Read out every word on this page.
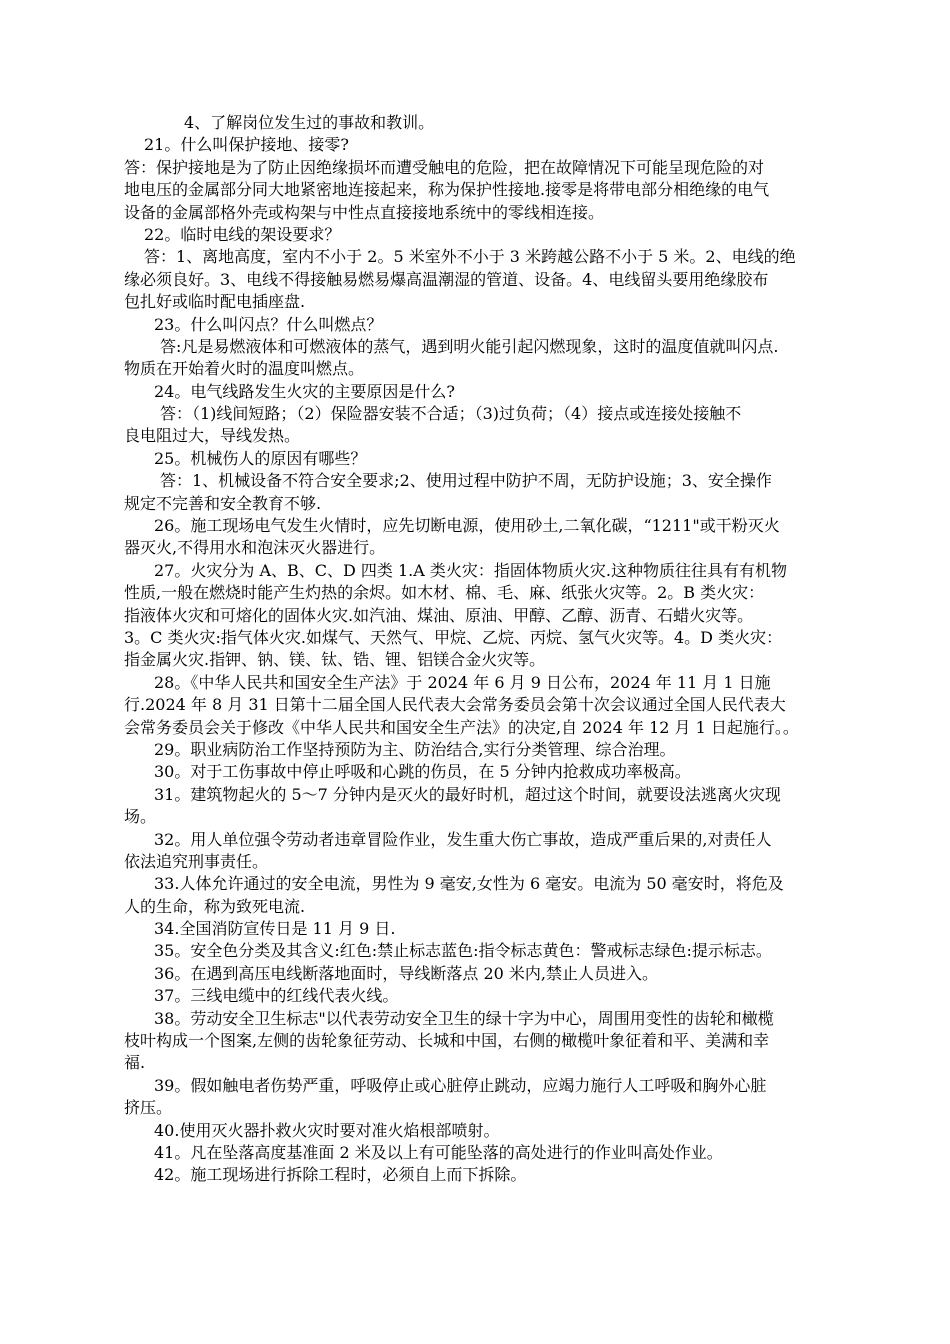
4、了解岗位发生过的事故和教训。
21。什么叫保护接地、接零?
答：保护接地是为了防止因绝缘损坏而遭受触电的危险，把在故障情况下可能呈现危险的对
地电压的金属部分同大地紧密地连接起来，称为保护性接地.接零是将带电部分相绝缘的电气
设备的金属部格外壳或构架与中性点直接接地系统中的零线相连接。
22。临时电线的架设要求？
答：1、离地高度，室内不小于 2。5 米室外不小于 3 米跨越公路不小于 5 米。2、电线的绝
缘必须良好。3、电线不得接触易燃易爆高温潮湿的管道、设备。4、电线留头要用绝缘胶布
包扎好或临时配电插座盘.
23。什么叫闪点？什么叫燃点？
答:凡是易燃液体和可燃液体的蒸气，遇到明火能引起闪燃现象，这时的温度值就叫闪点.
物质在开始着火时的温度叫燃点。
24。电气线路发生火灾的主要原因是什么?
答：（1)线间短路；（2）保险器安装不合适；（3)过负荷；（4）接点或连接处接触不
良电阻过大，导线发热。
25。机械伤人的原因有哪些？
答：1、机械设备不符合安全要求;2、使用过程中防护不周，无防护设施；3、安全操作
规定不完善和安全教育不够.
26。施工现场电气发生火情时，应先切断电源，使用砂土,二氧化碳，“1211"或干粉灭火
器灭火,不得用水和泡沫灭火器进行。
27。火灾分为 A、B、C、D 四类 1.A 类火灾：指固体物质火灾.这种物质往往具有有机物
性质,一般在燃烧时能产生灼热的余烬。如木材、棉、毛、麻、纸张火灾等。2。B 类火灾：
指液体火灾和可熔化的固体火灾.如汽油、煤油、原油、甲醇、乙醇、沥青、石蜡火灾等。
3。C 类火灾:指气体火灾.如煤气、天然气、甲烷、乙烷、丙烷、氢气火灾等。4。D 类火灾：
指金属火灾.指钾、钠、镁、钛、锆、锂、铝镁合金火灾等。
28。《中华人民共和国安全生产法》于 2024 年 6 月 9 日公布，2024 年 11 月 1 日施
行.2024 年 8 月 31 日第十二届全国人民代表大会常务委员会第十次会议通过全国人民代表大
会常务委员会关于修改《中华人民共和国安全生产法》的决定,自 2024 年 12 月 1 日起施行。。
29。职业病防治工作坚持预防为主、防治结合,实行分类管理、综合治理。
30。对于工伤事故中停止呼吸和心跳的伤员，在 5 分钟内抢救成功率极高。
31。建筑物起火的 5～7 分钟内是灭火的最好时机，超过这个时间，就要设法逃离火灾现
场。
32。用人单位强令劳动者违章冒险作业，发生重大伤亡事故，造成严重后果的,对责任人
依法追究刑事责任。
33.人体允许通过的安全电流，男性为 9 毫安,女性为 6 毫安。电流为 50 毫安时，将危及
人的生命，称为致死电流.
34.全国消防宣传日是 11 月 9 日.
35。安全色分类及其含义:红色:禁止标志蓝色:指令标志黄色：警戒标志绿色:提示标志。
36。在遇到高压电线断落地面时，导线断落点 20 米内,禁止人员进入。
37。三线电缆中的红线代表火线。
38。劳动安全卫生标志"以代表劳动安全卫生的绿十字为中心，周围用变性的齿轮和橄榄
枝叶构成一个图案,左侧的齿轮象征劳动、长城和中国，右侧的橄榄叶象征着和平、美满和幸
福.
39。假如触电者伤势严重，呼吸停止或心脏停止跳动，应竭力施行人工呼吸和胸外心脏
挤压。
40.使用灭火器扑救火灾时要对准火焰根部喷射。
41。凡在坠落高度基准面 2 米及以上有可能坠落的高处进行的作业叫高处作业。
42。施工现场进行拆除工程时，必须自上而下拆除。
